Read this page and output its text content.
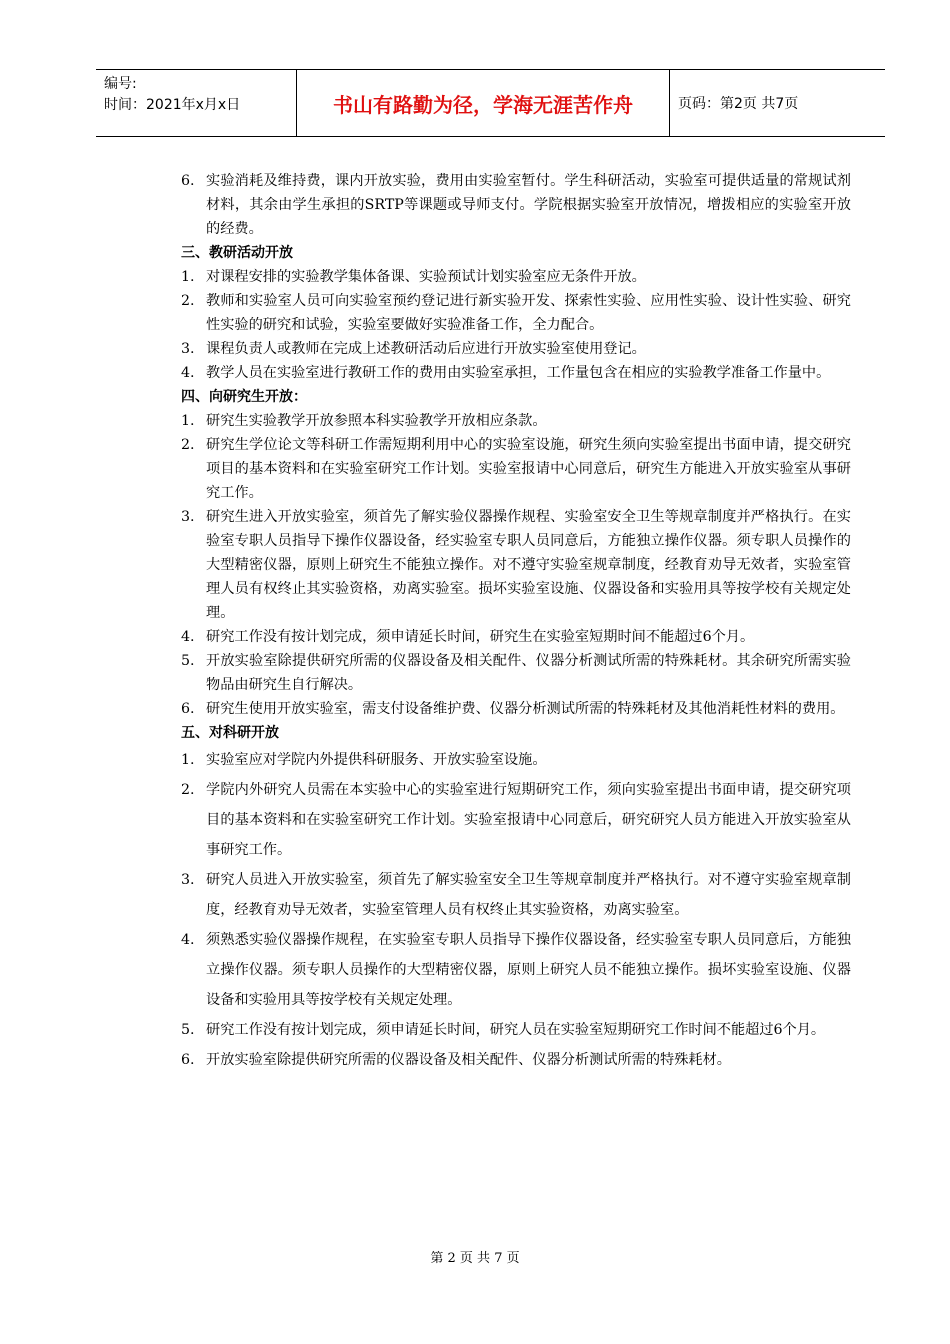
编号:
时间：2021年x月x日	书山有路勤为径，学海无涯苦作舟	页码：第2页 共7页
6. 实验消耗及维持费，课内开放实验，费用由实验室暂付。学生科研活动，实验室可提供适量的常规试剂材料，其余由学生承担的SRTP等课题或导师支付。学院根据实验室开放情况，增拨相应的实验室开放的经费。
三、教研活动开放
1. 对课程安排的实验教学集体备课、实验预试计划实验室应无条件开放。
2. 教师和实验室人员可向实验室预约登记进行新实验开发、探索性实验、应用性实验、设计性实验、研究性实验的研究和试验，实验室要做好实验准备工作，全力配合。
3. 课程负责人或教师在完成上述教研活动后应进行开放实验室使用登记。
4. 教学人员在实验室进行教研工作的费用由实验室承担，工作量包含在相应的实验教学准备工作量中。
四、向研究生开放：
1. 研究生实验教学开放参照本科实验教学开放相应条款。
2. 研究生学位论文等科研工作需短期利用中心的实验室设施，研究生须向实验室提出书面申请，提交研究项目的基本资料和在实验室研究工作计划。实验室报请中心同意后，研究生方能进入开放实验室从事研究工作。
3. 研究生进入开放实验室，须首先了解实验仪器操作规程、实验室安全卫生等规章制度并严格执行。在实验室专职人员指导下操作仪器设备，经实验室专职人员同意后，方能独立操作仪器。须专职人员操作的大型精密仪器，原则上研究生不能独立操作。对不遵守实验室规章制度，经教育劝导无效者，实验室管理人员有权终止其实验资格，劝离实验室。损坏实验室设施、仪器设备和实验用具等按学校有关规定处理。
4. 研究工作没有按计划完成，须申请延长时间，研究生在实验室短期时间不能超过6个月。
5. 开放实验室除提供研究所需的仪器设备及相关配件、仪器分析测试所需的特殊耗材。其余研究所需实验物品由研究生自行解决。
6. 研究生使用开放实验室，需支付设备维护费、仪器分析测试所需的特殊耗材及其他消耗性材料的费用。
五、对科研开放
1. 实验室应对学院内外提供科研服务、开放实验室设施。
2. 学院内外研究人员需在本实验中心的实验室进行短期研究工作，须向实验室提出书面申请，提交研究项目的基本资料和在实验室研究工作计划。实验室报请中心同意后，研究研究人员方能进入开放实验室从事研究工作。
3. 研究人员进入开放实验室，须首先了解实验室安全卫生等规章制度并严格执行。对不遵守实验室规章制度，经教育劝导无效者，实验室管理人员有权终止其实验资格，劝离实验室。
4. 须熟悉实验仪器操作规程，在实验室专职人员指导下操作仪器设备，经实验室专职人员同意后，方能独立操作仪器。须专职人员操作的大型精密仪器，原则上研究人员不能独立操作。损坏实验室设施、仪器设备和实验用具等按学校有关规定处理。
5. 研究工作没有按计划完成，须申请延长时间，研究人员在实验室短期研究工作时间不能超过6个月。
6. 开放实验室除提供研究所需的仪器设备及相关配件、仪器分析测试所需的特殊耗材。
第 2 页 共 7 页
